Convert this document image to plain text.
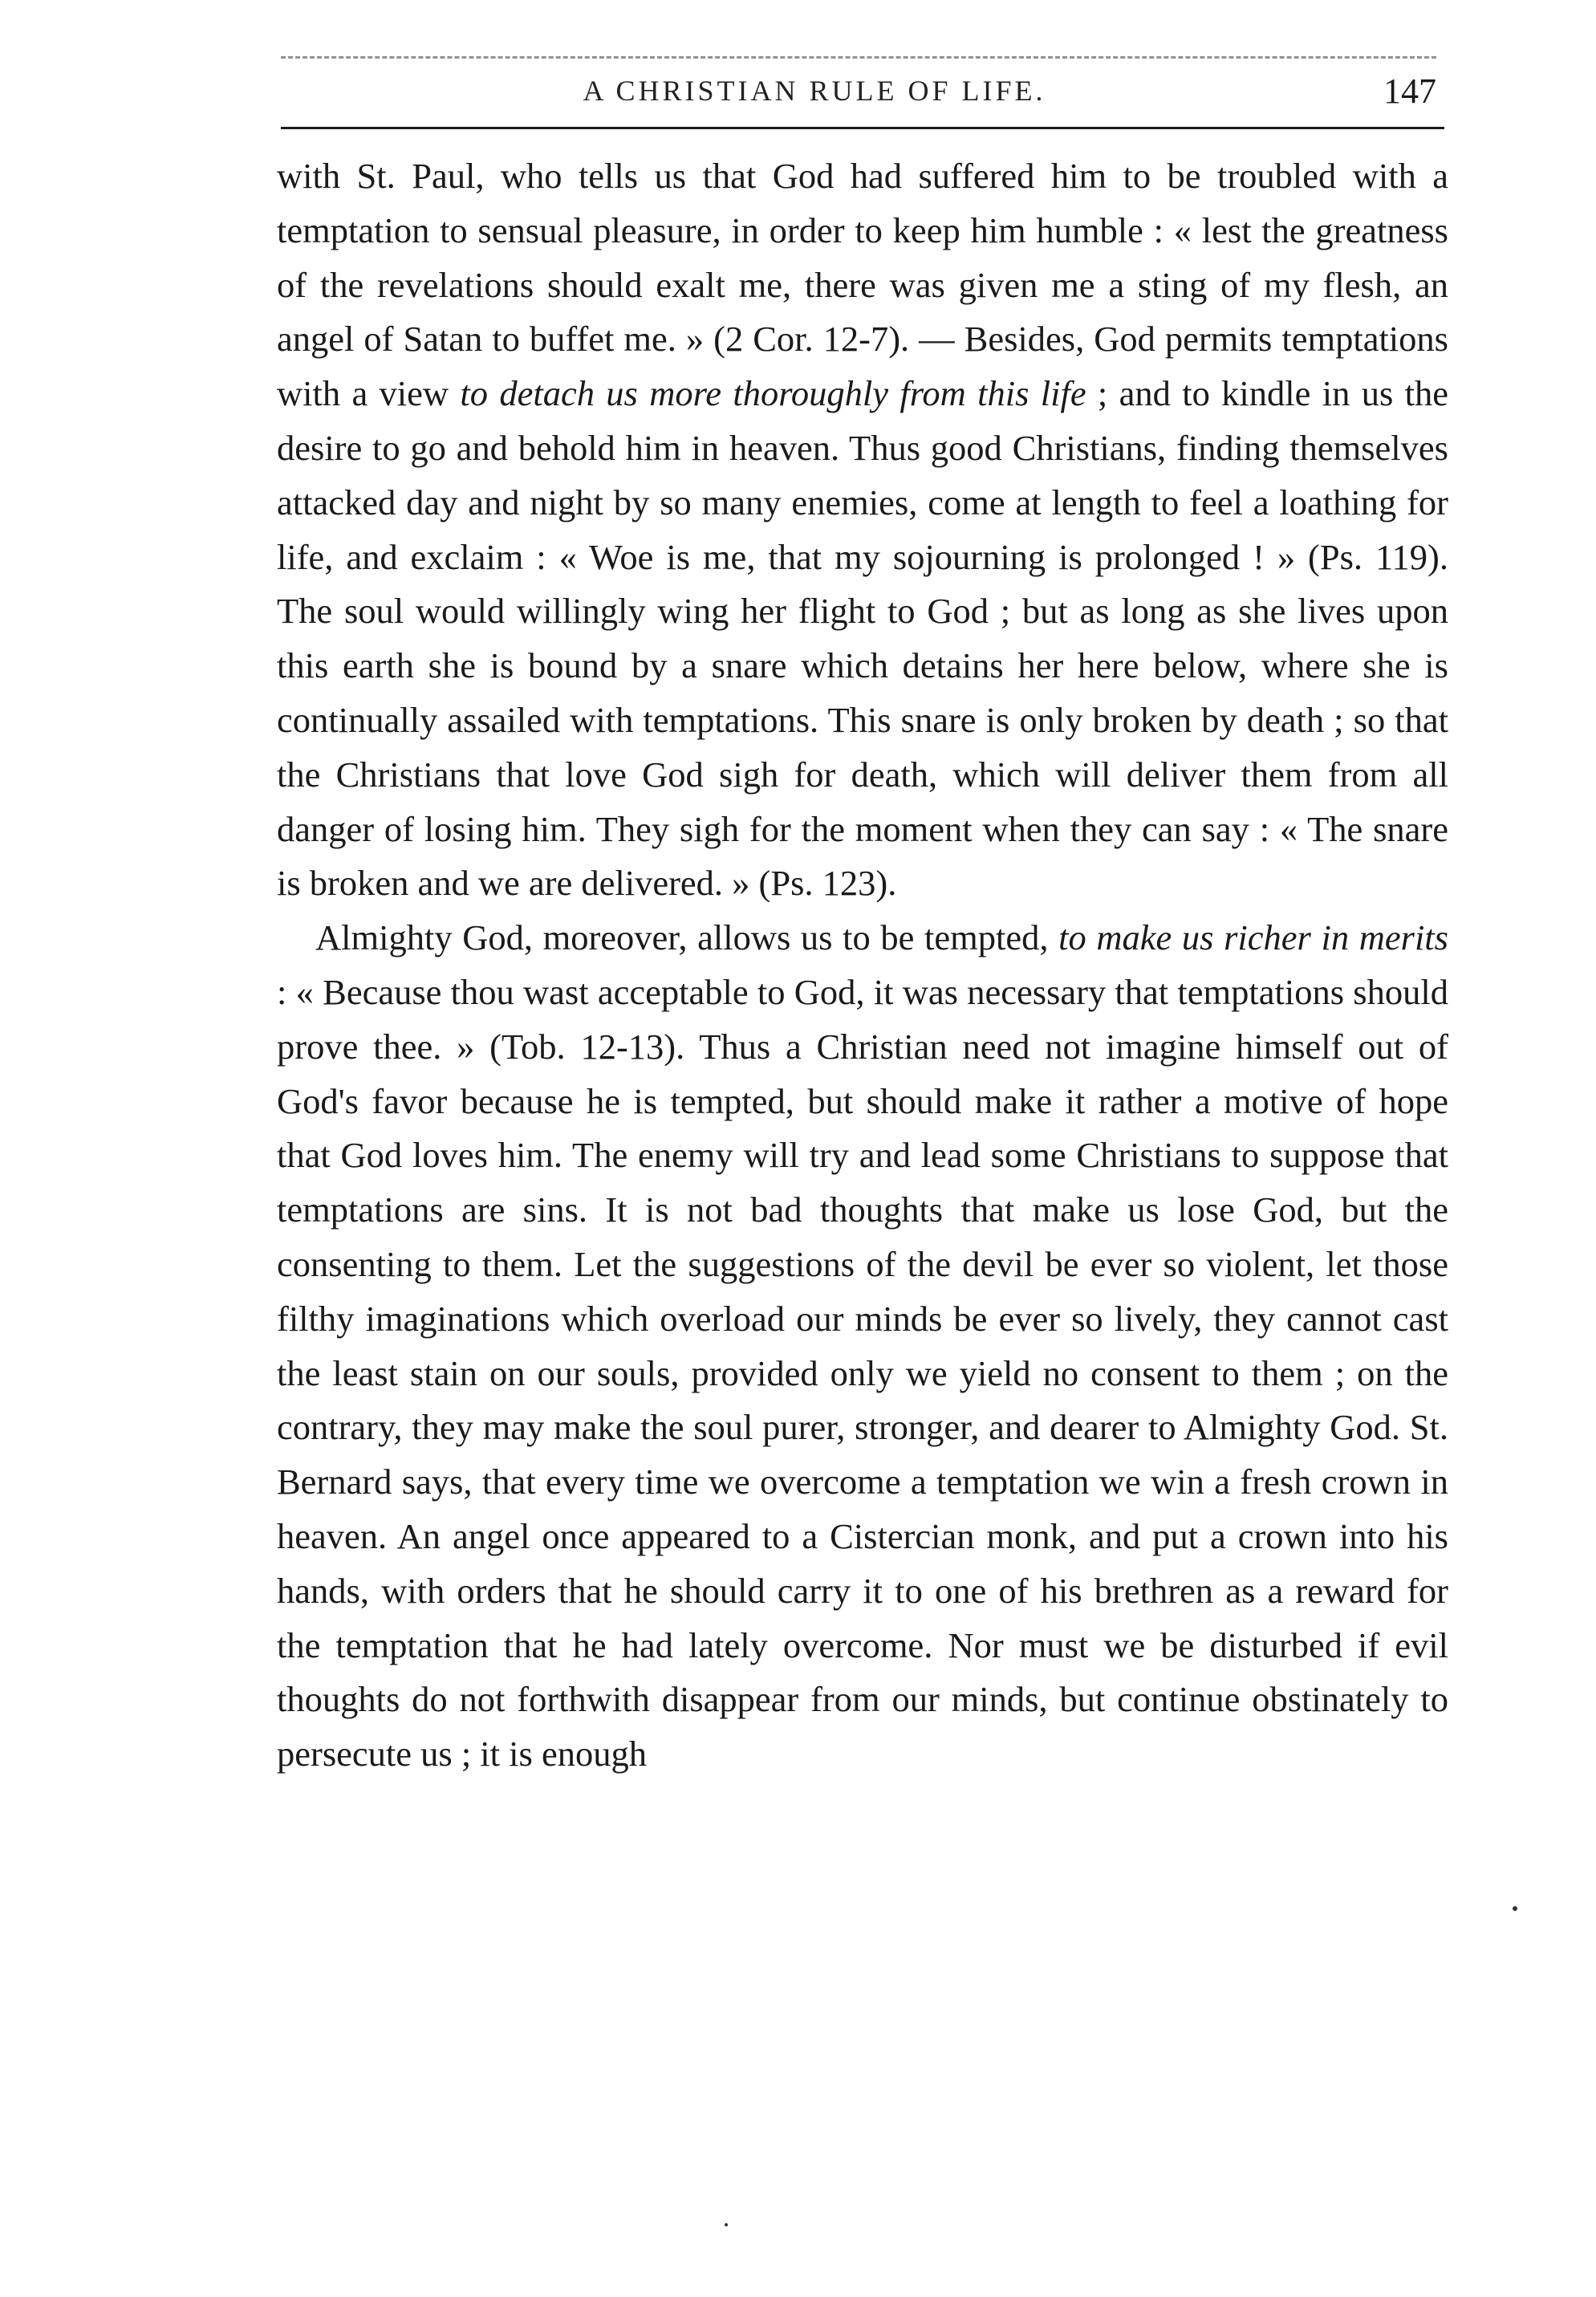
A CHRISTIAN RULE OF LIFE.	147

with St. Paul, who tells us that God had suffered him to be troubled with a temptation to sensual pleasure, in order to keep him humble : « lest the greatness of the revelations should exalt me, there was given me a sting of my flesh, an angel of Satan to buffet me. » (2 Cor. 12-7). — Besides, God permits temptations with a view to detach us more thoroughly from this life ; and to kindle in us the desire to go and behold him in heaven. Thus good Christians, finding themselves attacked day and night by so many enemies, come at length to feel a loathing for life, and exclaim : « Woe is me, that my sojourning is prolonged ! » (Ps. 119). The soul would willingly wing her flight to God ; but as long as she lives upon this earth she is bound by a snare which detains her here below, where she is continually assailed with temptations. This snare is only broken by death ; so that the Christians that love God sigh for death, which will deliver them from all danger of losing him. They sigh for the moment when they can say : « The snare is broken and we are delivered. » (Ps. 123).

Almighty God, moreover, allows us to be tempted, to make us richer in merits : « Because thou wast acceptable to God, it was necessary that temptations should prove thee. » (Tob. 12-13). Thus a Christian need not imagine himself out of God's favor because he is tempted, but should make it rather a motive of hope that God loves him. The enemy will try and lead some Christians to suppose that temptations are sins. It is not bad thoughts that make us lose God, but the consenting to them. Let the suggestions of the devil be ever so violent, let those filthy imaginations which overload our minds be ever so lively, they cannot cast the least stain on our souls, provided only we yield no consent to them ; on the contrary, they may make the soul purer, stronger, and dearer to Almighty God. St. Bernard says, that every time we overcome a temptation we win a fresh crown in heaven. An angel once appeared to a Cistercian monk, and put a crown into his hands, with orders that he should carry it to one of his brethren as a reward for the temptation that he had lately overcome. Nor must we be disturbed if evil thoughts do not forthwith disappear from our minds, but continue obstinately to persecute us ; it is enough
